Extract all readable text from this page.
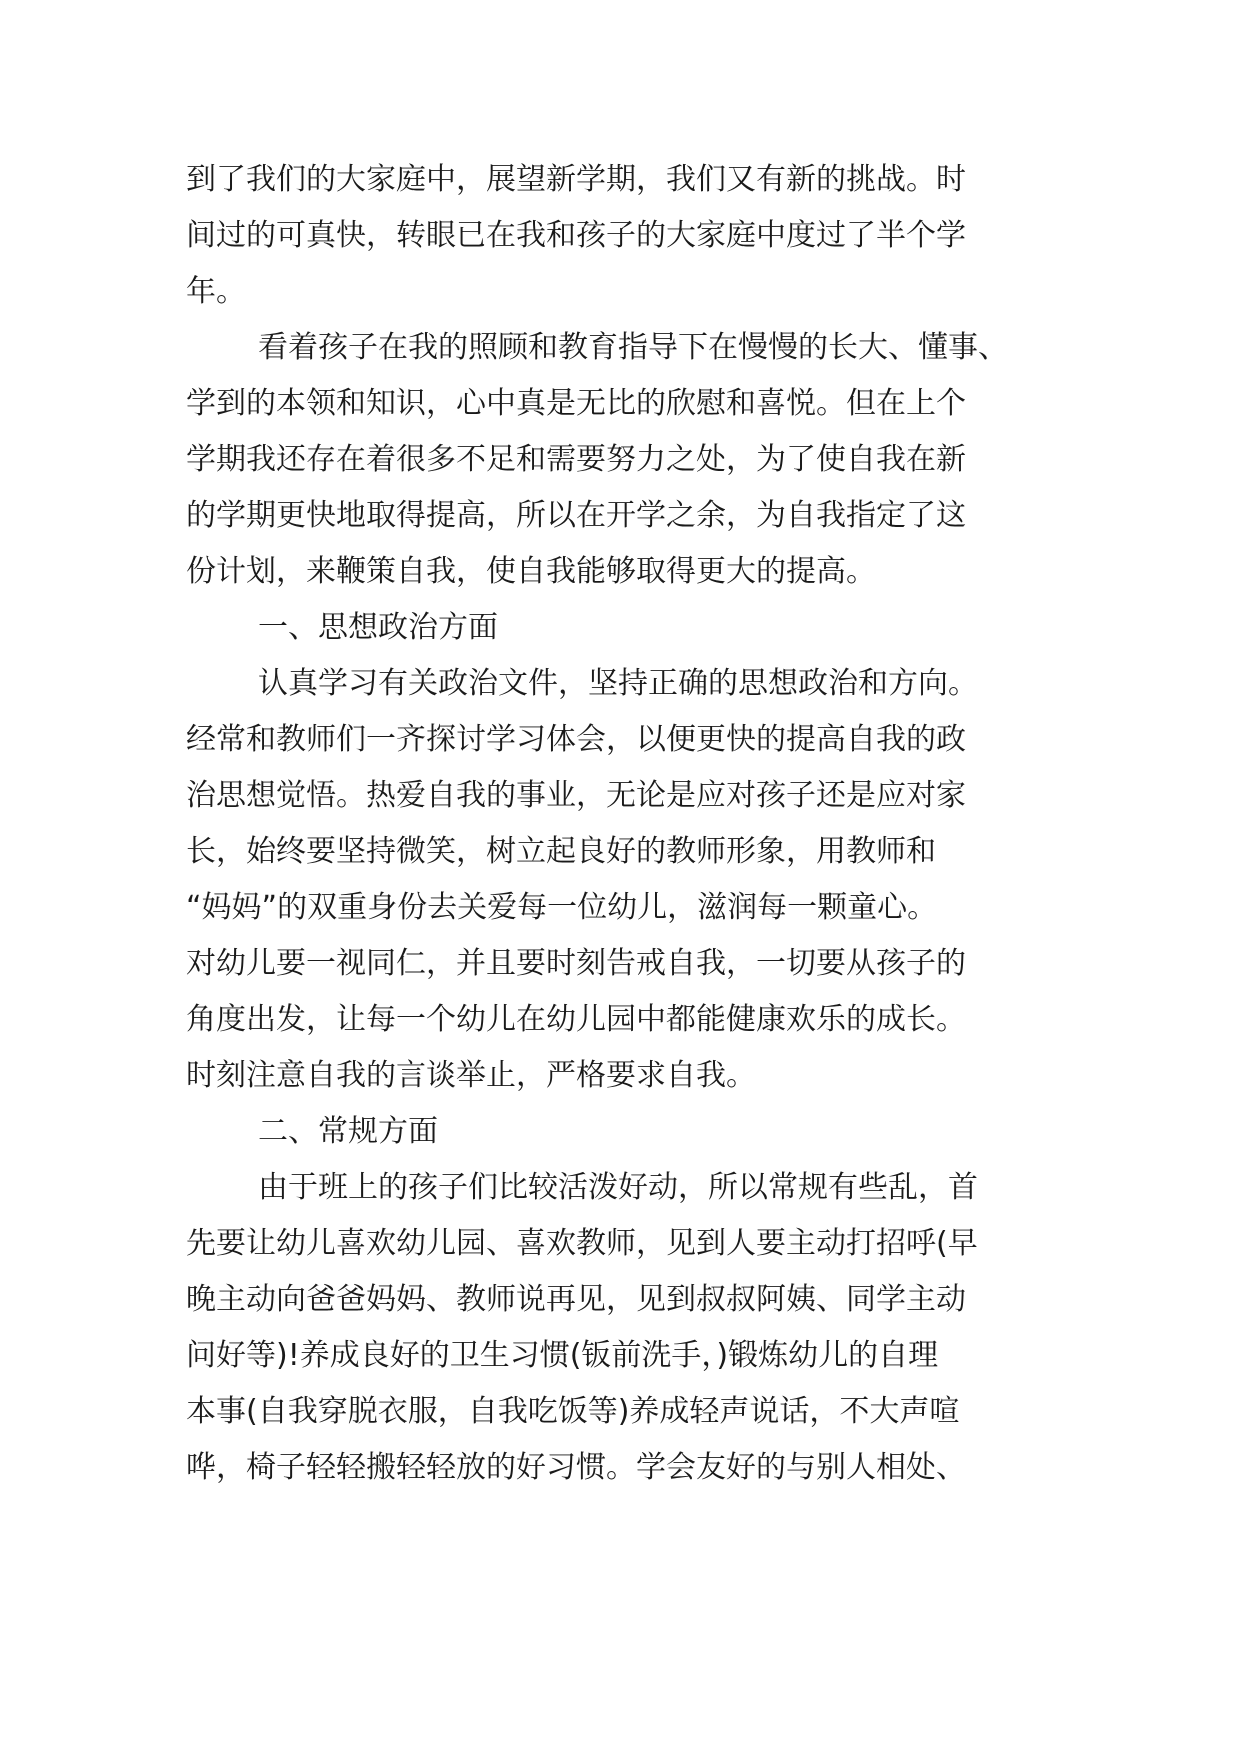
到了我们的大家庭中，展望新学期，我们又有新的挑战。时

间过的可真快，转眼已在我和孩子的大家庭中度过了半个学

年。

看着孩子在我的照顾和教育指导下在慢慢的长大、懂事、

学到的本领和知识，心中真是无比的欣慰和喜悦。但在上个

学期我还存在着很多不足和需要努力之处，为了使自我在新

的学期更快地取得提高，所以在开学之余，为自我指定了这

份计划，来鞭策自我，使自我能够取得更大的提高。

一、思想政治方面

认真学习有关政治文件，坚持正确的思想政治和方向。

经常和教师们一齐探讨学习体会，以便更快的提高自我的政

治思想觉悟。热爱自我的事业，无论是应对孩子还是应对家

长，始终要坚持微笑，树立起良好的教师形象，用教师和

“妈妈”的双重身份去关爱每一位幼儿，滋润每一颗童心。

对幼儿要一视同仁，并且要时刻告戒自我，一切要从孩子的

角度出发，让每一个幼儿在幼儿园中都能健康欢乐的成长。

时刻注意自我的言谈举止，严格要求自我。

二、常规方面

由于班上的孩子们比较活泼好动，所以常规有些乱，首

先要让幼儿喜欢幼儿园、喜欢教师，见到人要主动打招呼(早

晚主动向爸爸妈妈、教师说再见，见到叔叔阿姨、同学主动

问好等)!养成良好的卫生习惯(钣前洗手，)锻炼幼儿的自理

本事(自我穿脱衣服，自我吃饭等)养成轻声说话，不大声喧

哗，椅子轻轻搬轻轻放的好习惯。学会友好的与别人相处、
